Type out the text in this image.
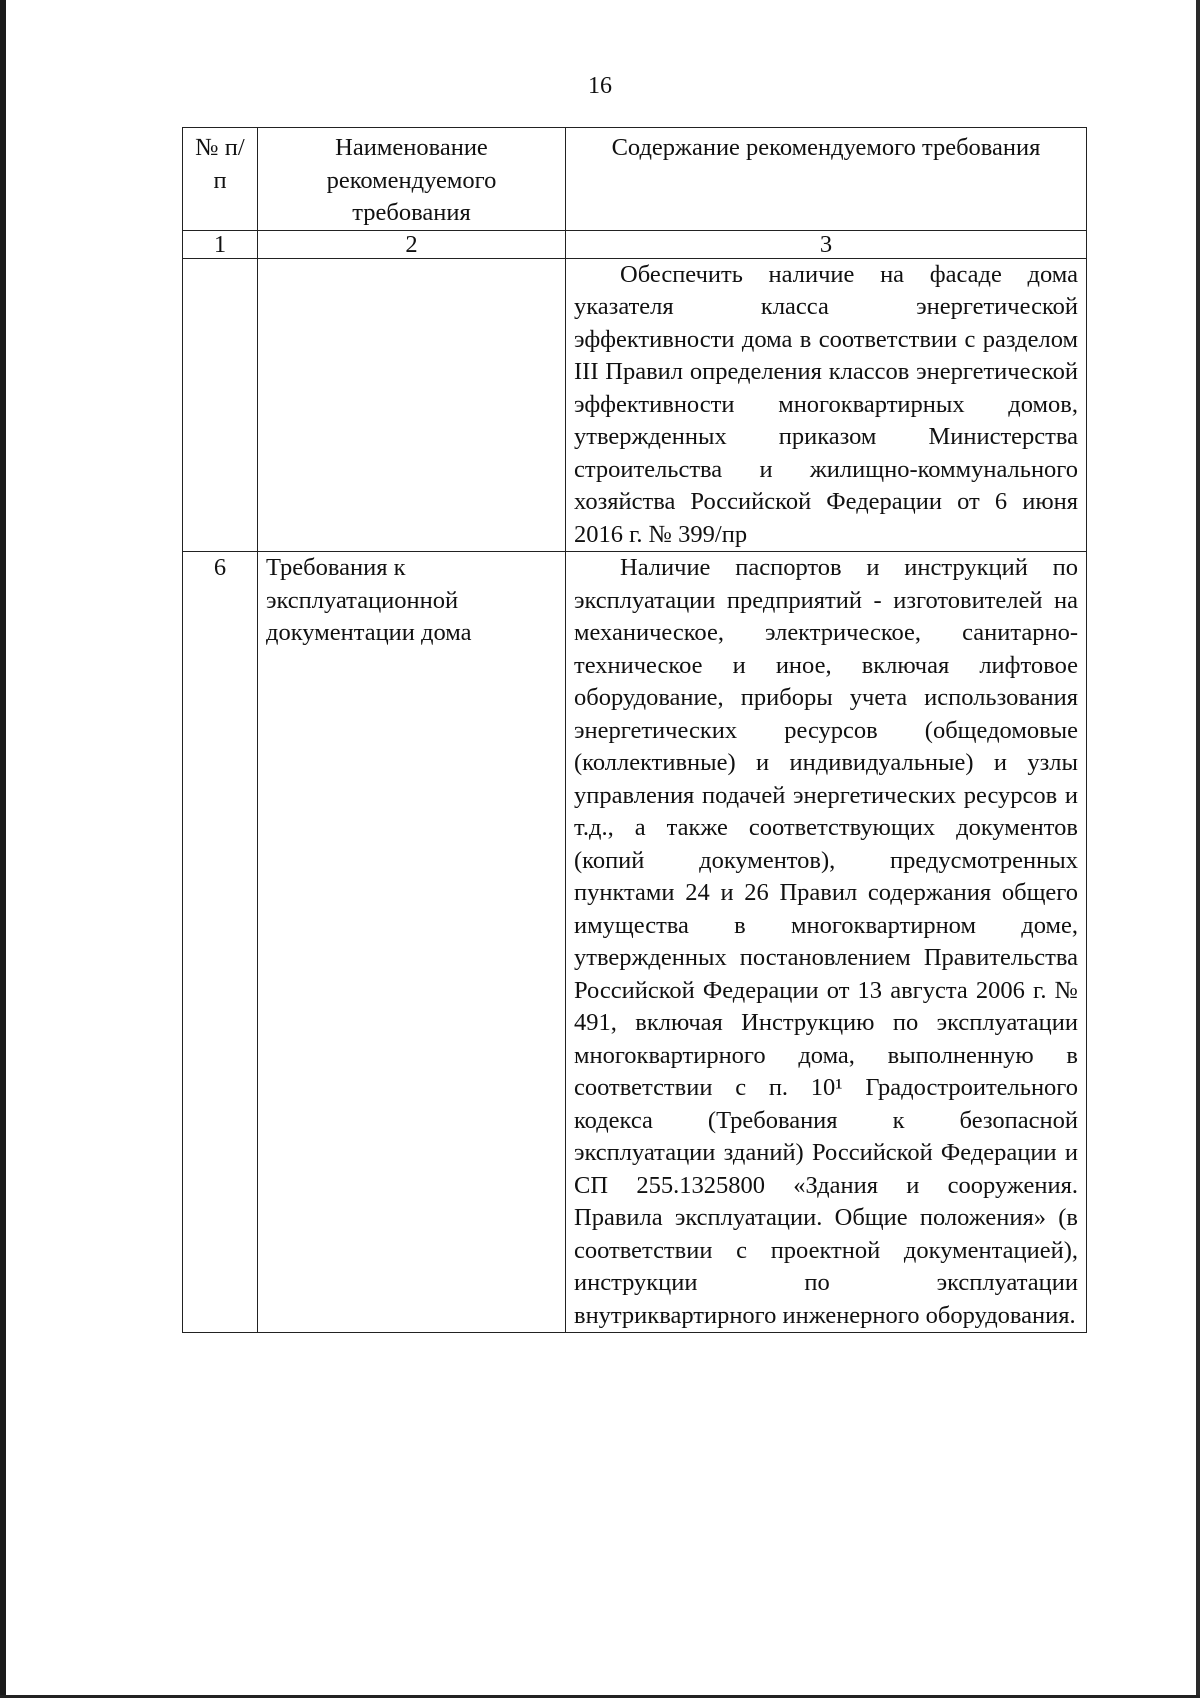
16
№ п/п	Наименование рекомендуемого требования	Содержание рекомендуемого требования
1	2	3
		Обеспечить наличие на фасаде дома указателя класса энергетической эффективности дома в соответствии с разделом III Правил определения классов энергетической эффективности многоквартирных домов, утвержденных приказом Министерства строительства и жилищно-коммунального хозяйства Российской Федерации от 6 июня 2016 г. № 399/пр
6	Требования к эксплуатационной документации дома	Наличие паспортов и инструкций по эксплуатации предприятий - изготовителей на механическое, электрическое, санитарно-техническое и иное, включая лифтовое оборудование, приборы учета использования энергетических ресурсов (общедомовые (коллективные) и индивидуальные) и узлы управления подачей энергетических ресурсов и т.д., а также соответствующих документов (копий документов), предусмотренных пунктами 24 и 26 Правил содержания общего имущества в многоквартирном доме, утвержденных постановлением Правительства Российской Федерации от 13 августа 2006 г. № 491, включая Инструкцию по эксплуатации многоквартирного дома, выполненную в соответствии с п. 10¹ Градостроительного кодекса (Требования к безопасной эксплуатации зданий) Российской Федерации и СП 255.1325800 «Здания и сооружения. Правила эксплуатации. Общие положения» (в соответствии с проектной документацией), инструкции по эксплуатации внутриквартирного инженерного оборудования.
